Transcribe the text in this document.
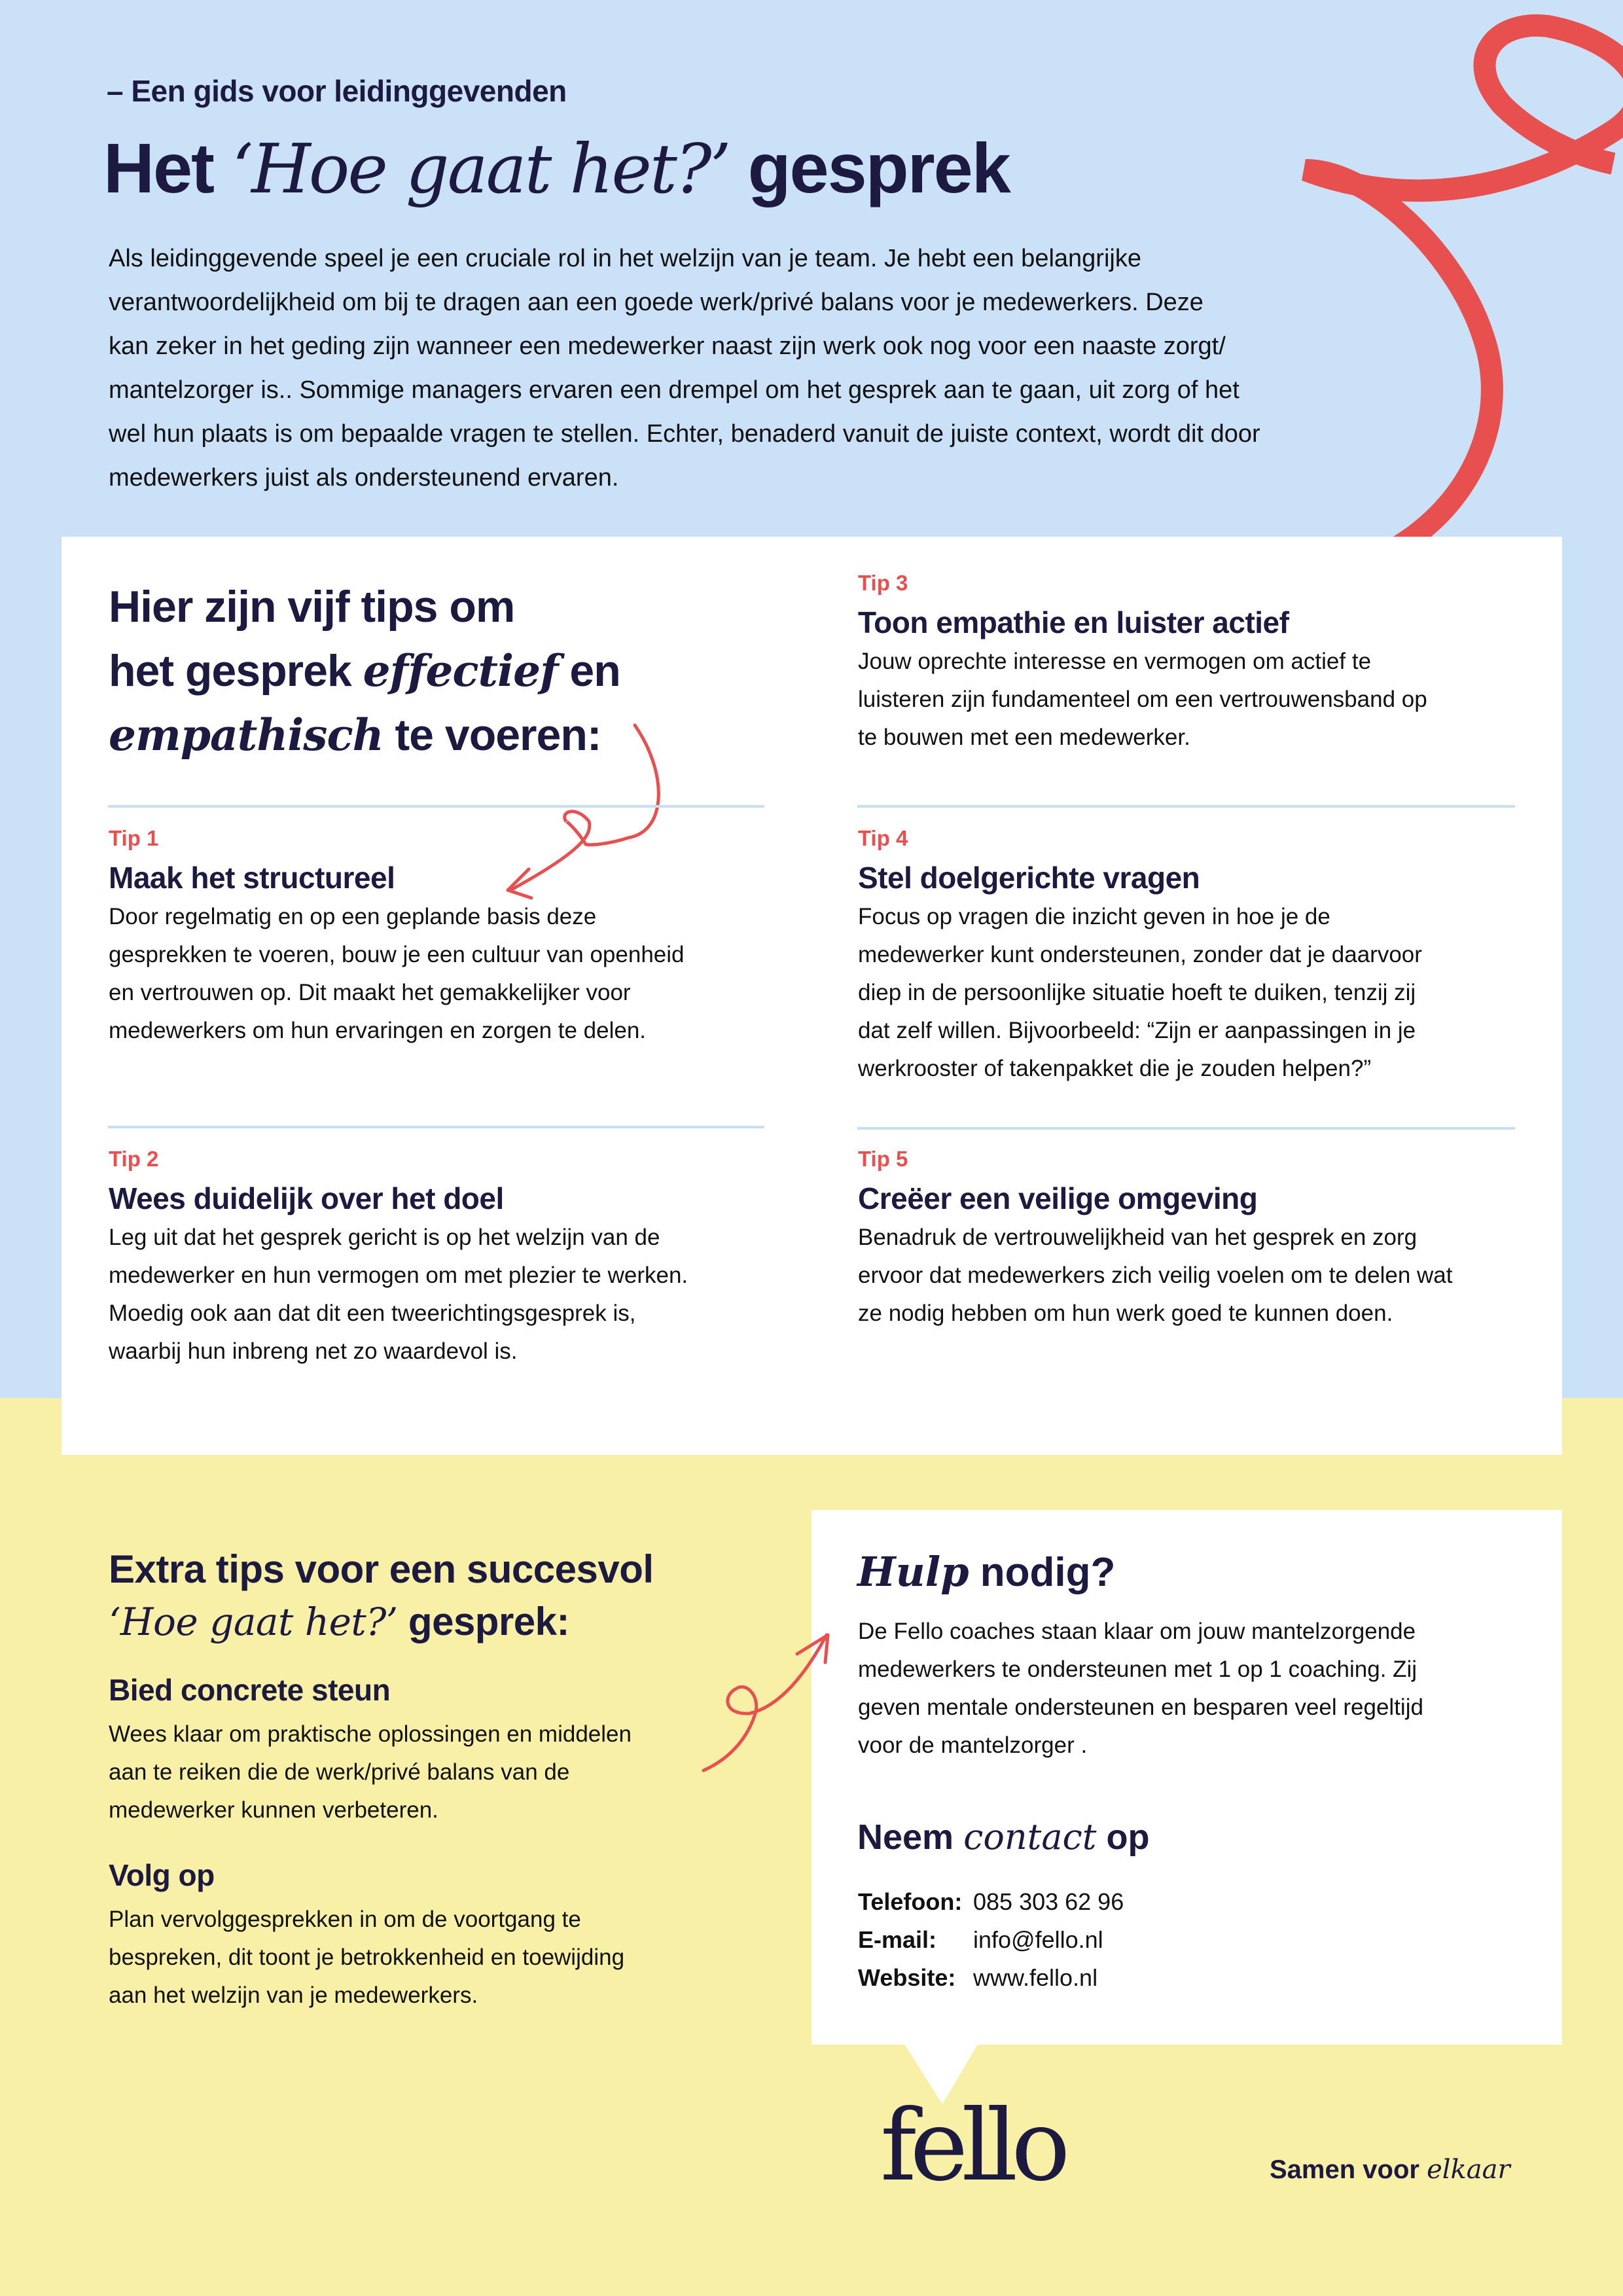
– Een gids voor leidinggevenden
Het ‘Hoe gaat het?’ gesprek
Als leidinggevende speel je een cruciale rol in het welzijn van je team. Je hebt een belangrijke
verantwoordelijkheid om bij te dragen aan een goede werk/privé balans voor je medewerkers. Deze
kan zeker in het geding zijn wanneer een medewerker naast zijn werk ook nog voor een naaste zorgt/
mantelzorger is.. Sommige managers ervaren een drempel om het gesprek aan te gaan, uit zorg of het
wel hun plaats is om bepaalde vragen te stellen. Echter, benaderd vanuit de juiste context, wordt dit door
medewerkers juist als ondersteunend ervaren.
Hier zijn vijf tips om
het gesprek effectief en
empathisch te voeren:
Tip 1
Maak het structureel
Door regelmatig en op een geplande basis deze
gesprekken te voeren, bouw je een cultuur van openheid
en vertrouwen op. Dit maakt het gemakkelijker voor
medewerkers om hun ervaringen en zorgen te delen.
Tip 2
Wees duidelijk over het doel
Leg uit dat het gesprek gericht is op het welzijn van de
medewerker en hun vermogen om met plezier te werken.
Moedig ook aan dat dit een tweerichtingsgesprek is,
waarbij hun inbreng net zo waardevol is.
Tip 3
Toon empathie en luister actief
Jouw oprechte interesse en vermogen om actief te
luisteren zijn fundamenteel om een vertrouwensband op
te bouwen met een medewerker.
Tip 4
Stel doelgerichte vragen
Focus op vragen die inzicht geven in hoe je de
medewerker kunt ondersteunen, zonder dat je daarvoor
diep in de persoonlijke situatie hoeft te duiken, tenzij zij
dat zelf willen. Bijvoorbeeld: “Zijn er aanpassingen in je
werkrooster of takenpakket die je zouden helpen?”
Tip 5
Creëer een veilige omgeving
Benadruk de vertrouwelijkheid van het gesprek en zorg
ervoor dat medewerkers zich veilig voelen om te delen wat
ze nodig hebben om hun werk goed te kunnen doen.
Extra tips voor een succesvol
‘Hoe gaat het?’ gesprek:
Bied concrete steun
Wees klaar om praktische oplossingen en middelen
aan te reiken die de werk/privé balans van de
medewerker kunnen verbeteren.
Volg op
Plan vervolggesprekken in om de voortgang te
bespreken, dit toont je betrokkenheid en toewijding
aan het welzijn van je medewerkers.
Hulp nodig?
De Fello coaches staan klaar om jouw mantelzorgende
medewerkers te ondersteunen met 1 op 1 coaching. Zij
geven mentale ondersteunen en besparen veel regeltijd
voor de mantelzorger .
Neem contact op
Telefoon: 085 303 62 96
E-mail: info@fello.nl
Website: www.fello.nl
fello	Samen voor elkaar
